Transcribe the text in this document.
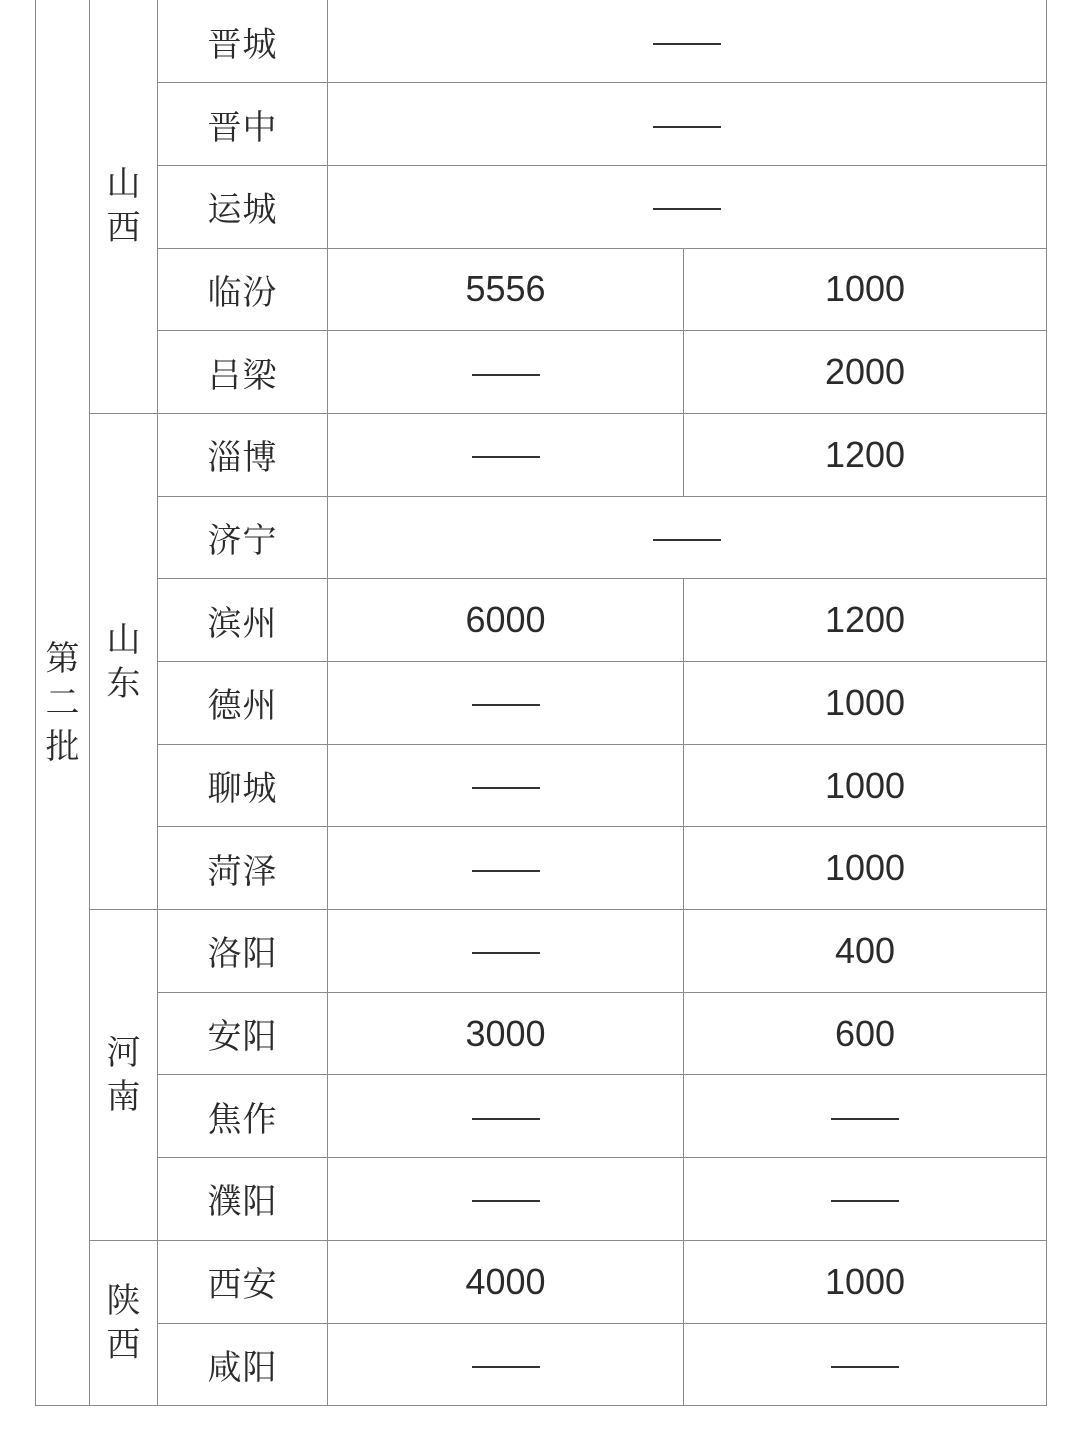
第二批	山西	晋城	
		晋中	
		运城	
		临汾	5556	1000
		吕梁		2000
	山东	淄博		1200
		济宁	
		滨州	6000	1200
		德州		1000
		聊城		1000
		菏泽		1000
	河南	洛阳		400
		安阳	3000	600
		焦作		
		濮阳		
	陕西	西安	4000	1000
		咸阳		
